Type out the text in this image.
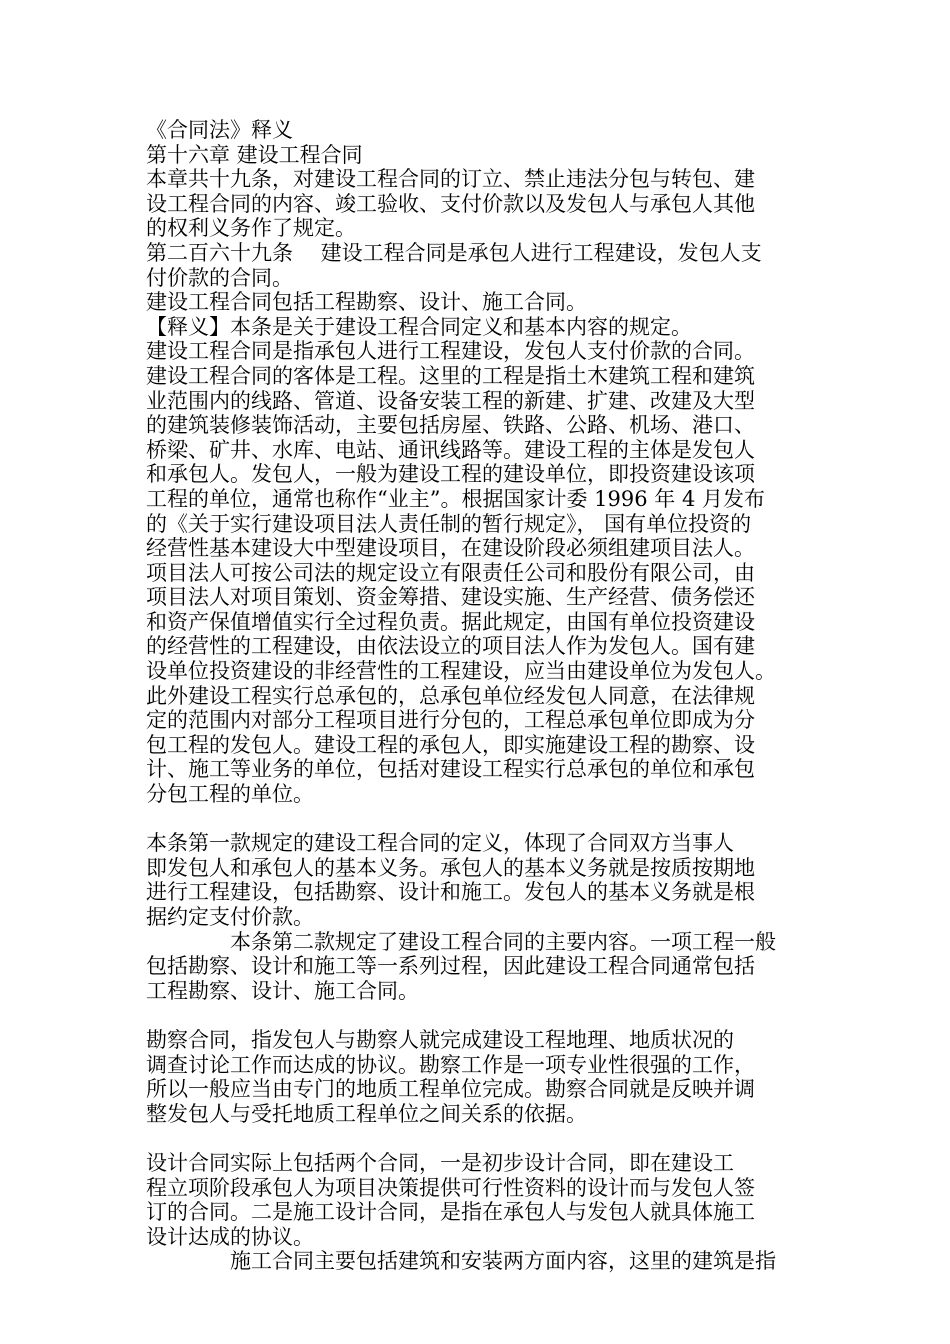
《合同法》释义

第十六章 建设工程合同

本章共十九条，对建设工程合同的订立、禁止违法分包与转包、建

设工程合同的内容、竣工验收、支付价款以及发包人与承包人其他

的权利义务作了规定。

第二百六十九条　 建设工程合同是承包人进行工程建设，发包人支

付价款的合同。

建设工程合同包括工程勘察、设计、施工合同。

【释义】本条是关于建设工程合同定义和基本内容的规定。

建设工程合同是指承包人进行工程建设，发包人支付价款的合同。

建设工程合同的客体是工程。这里的工程是指土木建筑工程和建筑

业范围内的线路、管道、设备安装工程的新建、扩建、改建及大型

的建筑装修装饰活动，主要包括房屋、铁路、公路、机场、港口、

桥梁、矿井、水库、电站、通讯线路等。建设工程的主体是发包人

和承包人。发包人，一般为建设工程的建设单位，即投资建设该项

工程的单位，通常也称作“业主”。根据国家计委 1996 年 4 月发布

的《关于实行建设项目法人责任制的暂行规定》， 国有单位投资的

经营性基本建设大中型建设项目，在建设阶段必须组建项目法人。

项目法人可按公司法的规定设立有限责任公司和股份有限公司，由

项目法人对项目策划、资金筹措、建设实施、生产经营、债务偿还

和资产保值增值实行全过程负责。据此规定，由国有单位投资建设

的经营性的工程建设，由依法设立的项目法人作为发包人。国有建

设单位投资建设的非经营性的工程建设，应当由建设单位为发包人。

此外建设工程实行总承包的，总承包单位经发包人同意，在法律规

定的范围内对部分工程项目进行分包的，工程总承包单位即成为分

包工程的发包人。建设工程的承包人，即实施建设工程的勘察、设

计、施工等业务的单位，包括对建设工程实行总承包的单位和承包

分包工程的单位。

本条第一款规定的建设工程合同的定义，体现了合同双方当事人

即发包人和承包人的基本义务。承包人的基本义务就是按质按期地

进行工程建设，包括勘察、设计和施工。发包人的基本义务就是根

据约定支付价款。

　　　　本条第二款规定了建设工程合同的主要内容。一项工程一般

包括勘察、设计和施工等一系列过程，因此建设工程合同通常包括

工程勘察、设计、施工合同。

勘察合同，指发包人与勘察人就完成建设工程地理、地质状况的

调查讨论工作而达成的协议。勘察工作是一项专业性很强的工作，

所以一般应当由专门的地质工程单位完成。勘察合同就是反映并调

整发包人与受托地质工程单位之间关系的依据。

设计合同实际上包括两个合同，一是初步设计合同，即在建设工

程立项阶段承包人为项目决策提供可行性资料的设计而与发包人签

订的合同。二是施工设计合同，是指在承包人与发包人就具体施工

设计达成的协议。

　　　　施工合同主要包括建筑和安装两方面内容，这里的建筑是指
